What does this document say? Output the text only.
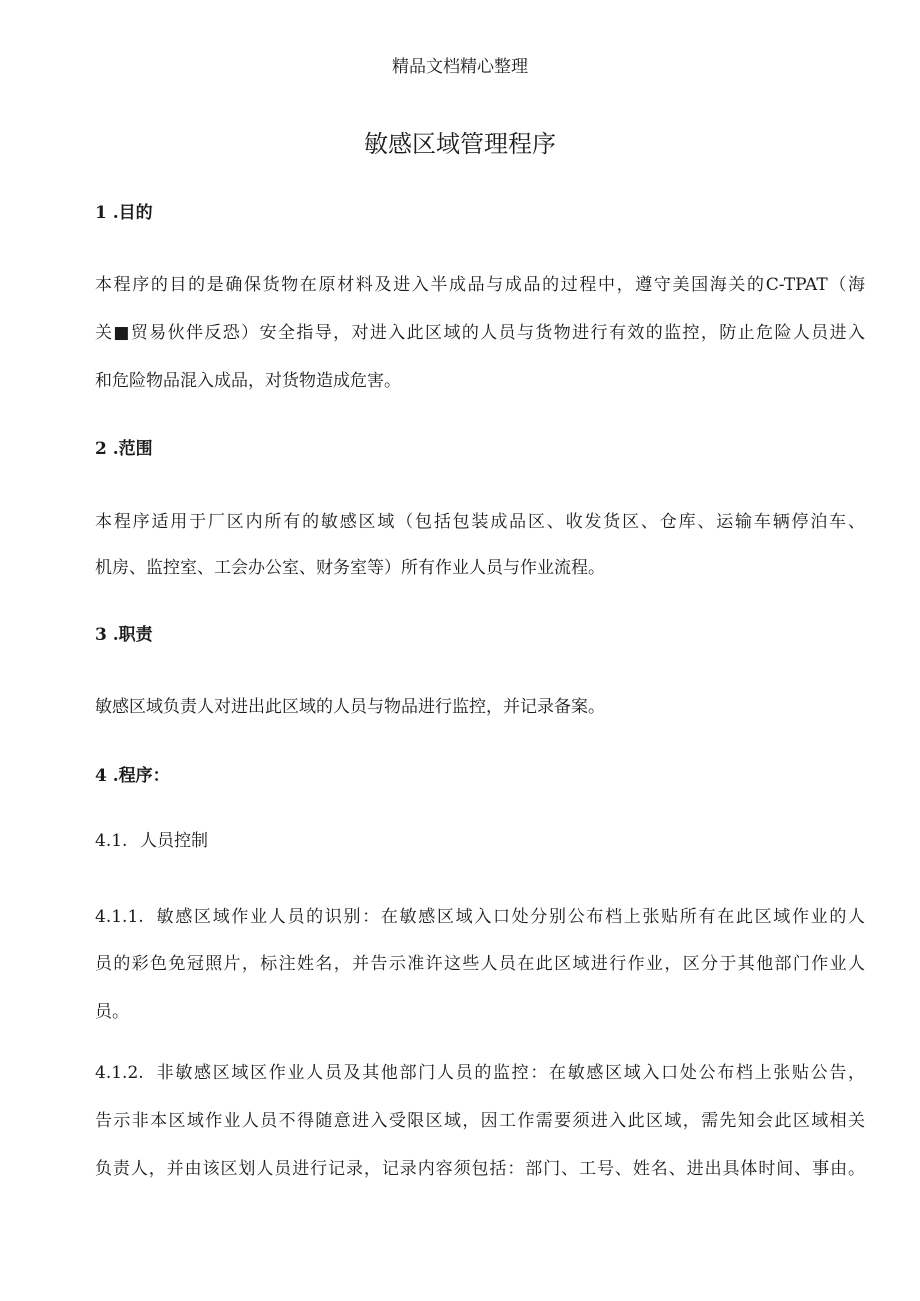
精品文档精心整理
敏感区域管理程序
1 .目的
本程序的目的是确保货物在原材料及进入半成品与成品的过程中，遵守美国海关的C-TPAT（海
关■贸易伙伴反恐）安全指导，对进入此区域的人员与货物进行有效的监控，防止危险人员进入
和危险物品混入成品，对货物造成危害。
2 .范围
本程序适用于厂区内所有的敏感区域（包括包装成品区、收发货区、仓库、运输车辆停泊车、
机房、监控室、工会办公室、财务室等）所有作业人员与作业流程。
3 .职责
敏感区域负责人对进出此区域的人员与物品进行监控，并记录备案。
4 .程序：
4.1. 人员控制
4.1.1. 敏感区域作业人员的识别：在敏感区域入口处分别公布档上张贴所有在此区域作业的人
员的彩色免冠照片，标注姓名，并告示准许这些人员在此区域进行作业，区分于其他部门作业人
员。
4.1.2. 非敏感区域区作业人员及其他部门人员的监控：在敏感区域入口处公布档上张贴公告，
告示非本区域作业人员不得随意进入受限区域，因工作需要须进入此区域，需先知会此区域相关
负责人，并由该区划人员进行记录，记录内容须包括：部门、工号、姓名、进出具体时间、事由。
